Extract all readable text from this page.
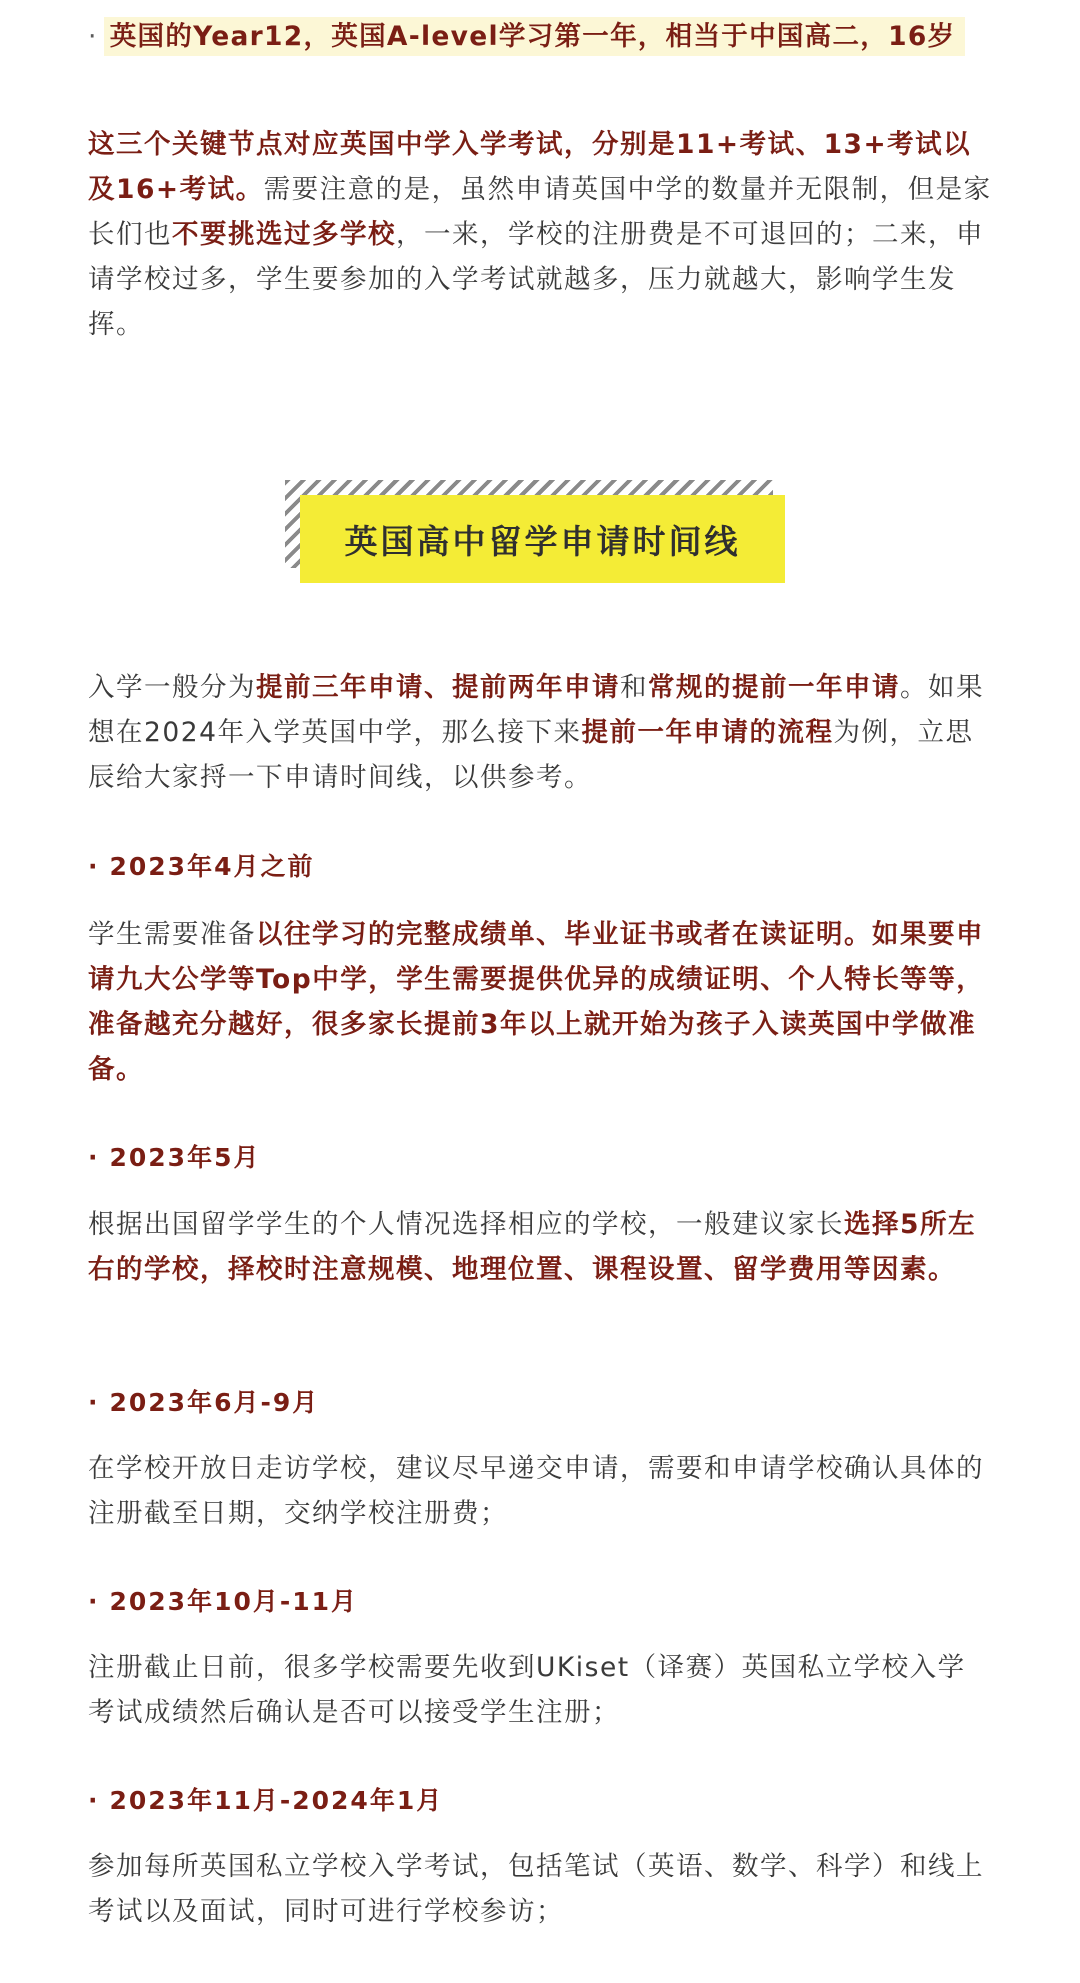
· 英国的Year12，英国A-level学习第一年，相当于中国高二，16岁

这三个关键节点对应英国中学入学考试，分别是11+考试、13+考试以及16+考试。需要注意的是，虽然申请英国中学的数量并无限制，但是家长们也不要挑选过多学校，一来，学校的注册费是不可退回的；二来，申请学校过多，学生要参加的入学考试就越多，压力就越大，影响学生发挥。

英国高中留学申请时间线

入学一般分为提前三年申请、提前两年申请和常规的提前一年申请。如果想在2024年入学英国中学，那么接下来提前一年申请的流程为例，立思辰给大家捋一下申请时间线，以供参考。

· 2023年4月之前

学生需要准备以往学习的完整成绩单、毕业证书或者在读证明。如果要申请九大公学等Top中学，学生需要提供优异的成绩证明、个人特长等等，准备越充分越好，很多家长提前3年以上就开始为孩子入读英国中学做准备。

· 2023年5月

根据出国留学学生的个人情况选择相应的学校，一般建议家长选择5所左右的学校，择校时注意规模、地理位置、课程设置、留学费用等因素。

· 2023年6月-9月

在学校开放日走访学校，建议尽早递交申请，需要和申请学校确认具体的注册截至日期，交纳学校注册费；

· 2023年10月-11月

注册截止日前，很多学校需要先收到UKiset（译赛）英国私立学校入学考试成绩然后确认是否可以接受学生注册；

· 2023年11月-2024年1月

参加每所英国私立学校入学考试，包括笔试（英语、数学、科学）和线上考试以及面试，同时可进行学校参访；
